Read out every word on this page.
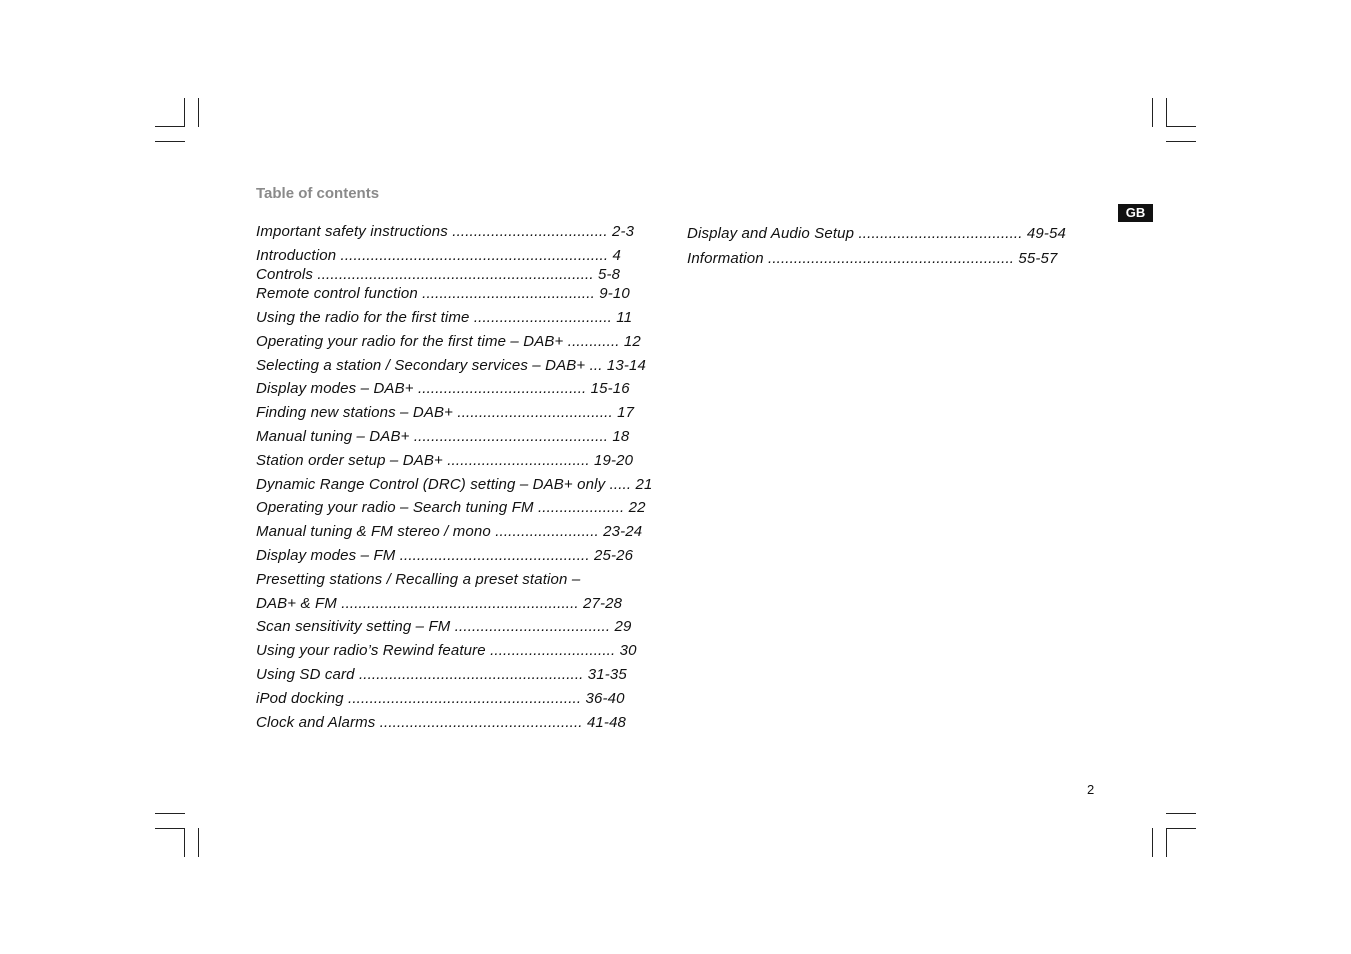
Table of contents
GB
Important safety instructions .................................... 2-3
Introduction .............................................................. 4
Controls ................................................................ 5-8
Remote control function ........................................ 9-10
Using the radio for the first time ................................ 11
Operating your radio for the first time – DAB+ ............ 12
Selecting a station / Secondary services – DAB+ ... 13-14
Display modes – DAB+ ....................................... 15-16
Finding new stations – DAB+ .................................... 17
Manual tuning – DAB+ ............................................. 18
Station order setup – DAB+ ................................. 19-20
Dynamic Range Control (DRC) setting – DAB+ only ..... 21
Operating your radio – Search tuning FM .................... 22
Manual tuning & FM stereo / mono ........................ 23-24
Display modes – FM ............................................ 25-26
Presetting stations / Recalling a preset station –
DAB+ & FM ....................................................... 27-28
Scan sensitivity setting – FM .................................... 29
Using your radio’s Rewind feature ............................. 30
Using SD card .................................................... 31-35
iPod docking ...................................................... 36-40
Clock and Alarms ............................................... 41-48
Display and Audio Setup ...................................... 49-54
Information ......................................................... 55-57
2
